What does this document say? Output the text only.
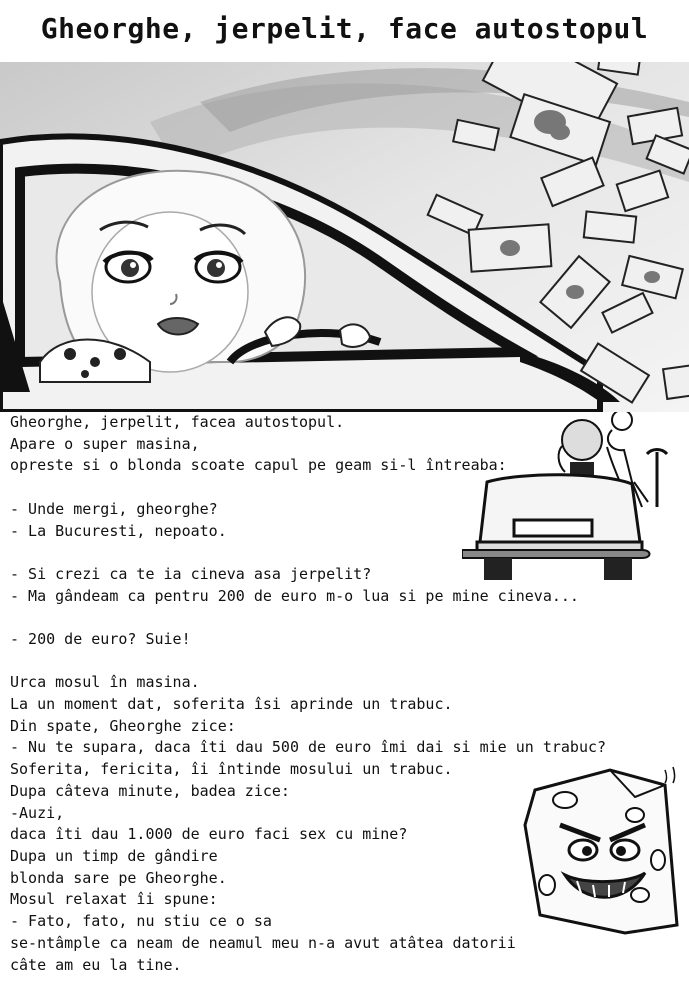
Gheorghe, jerpelit, face autostopul
Gheorghe, jerpelit, facea autostopul.
Apare o super masina,
opreste si o blonda scoate capul pe geam si-l întreaba:
- Unde mergi, gheorghe?
- La Bucuresti, nepoato.
- Si crezi ca te ia cineva asa jerpelit?
- Ma gândeam ca pentru 200 de euro m-o lua si pe mine cineva...
- 200 de euro? Suie!
Urca mosul în masina.
La un moment dat, soferita îsi aprinde un trabuc.
Din spate, Gheorghe zice:
- Nu te supara, daca îti dau 500 de euro îmi dai si mie un trabuc?
Soferita, fericita, îi întinde mosului un trabuc.
Dupa câteva minute, badea zice:
-Auzi,
daca îti dau 1.000 de euro faci sex cu mine?
Dupa un timp de gândire
blonda sare pe Gheorghe.
Mosul relaxat îi spune:
- Fato, fato, nu stiu ce o sa
se-ntâmple ca neam de neamul meu n-a avut atâtea datorii
câte am eu la tine.
